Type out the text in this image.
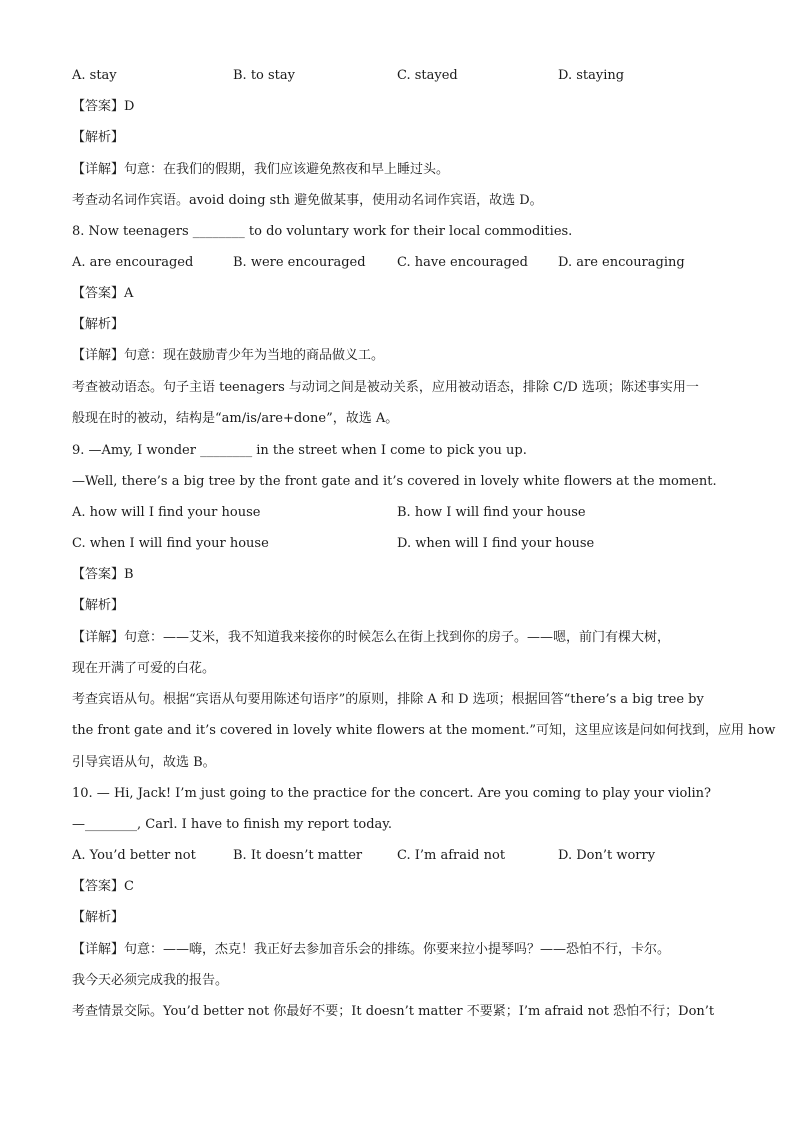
A. stay	B. to stay	C. stayed	D. staying
【答案】D
【解析】
【详解】句意：在我们的假期，我们应该避免熬夜和早上睡过头。
考查动名词作宾语。avoid doing sth 避免做某事，使用动名词作宾语，故选 D。
8. Now teenagers ________ to do voluntary work for their local commodities.
A. are encouraged	B. were encouraged C. have encouraged D. are encouraging
【答案】A
【解析】
【详解】句意：现在鼓励青少年为当地的商品做义工。
考查被动语态。句子主语 teenagers 与动词之间是被动关系，应用被动语态，排除 C/D 选项；陈述事实用一
般现在时的被动，结构是“am/is/are+done”，故选 A。
9. —Amy, I wonder ________ in the street when I come to pick you up.
—Well, there’s a big tree by the front gate and it’s covered in lovely white flowers at the moment.
A. how will I find your house	B. how I will find your house
C. when I will find your house	D. when will I find your house
【答案】B
【解析】
【详解】句意：——艾米，我不知道我来接你的时候怎么在街上找到你的房子。——嗯，前门有棵大树，
现在开满了可爱的白花。
考查宾语从句。根据“宾语从句要用陈述句语序”的原则，排除 A 和 D 选项；根据回答“there’s a big tree by
the front gate and it’s covered in lovely white flowers at the moment.”可知，这里应该是问如何找到，应用 how
引导宾语从句，故选 B。
10. — Hi, Jack! I’m just going to the practice for the concert. Are you coming to play your violin?
—________, Carl. I have to finish my report today.
A. You’d better not	B. It doesn’t matter	C. I’m afraid not	D. Don’t worry
【答案】C
【解析】
【详解】句意：——嗨，杰克！我正好去参加音乐会的排练。你要来拉小提琴吗？——恐怕不行，卡尔。
我今天必须完成我的报告。
考查情景交际。You’d better not 你最好不要；It doesn’t matter 不要紧；I’m afraid not 恐怕不行；Don’t
